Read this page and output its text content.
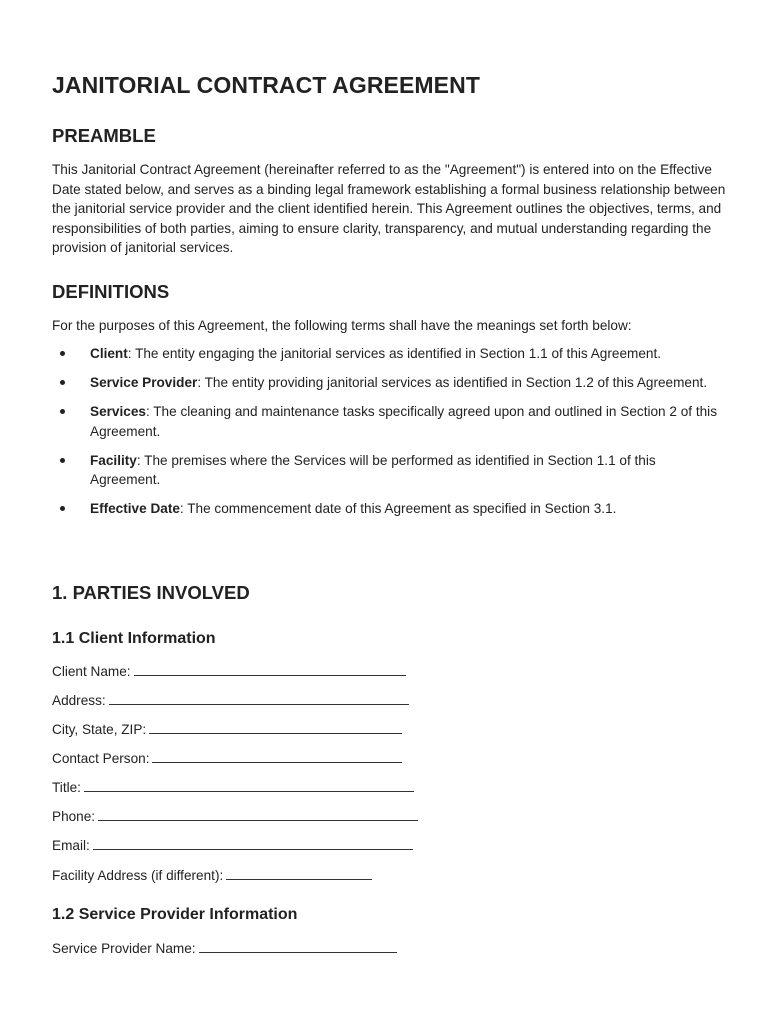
JANITORIAL CONTRACT AGREEMENT
PREAMBLE

This Janitorial Contract Agreement (hereinafter referred to as the "Agreement") is entered into on the Effective Date stated below, and serves as a binding legal framework establishing a formal business relationship between the janitorial service provider and the client identified herein. This Agreement outlines the objectives, terms, and responsibilities of both parties, aiming to ensure clarity, transparency, and mutual understanding regarding the provision of janitorial services.

DEFINITIONS

For the purposes of this Agreement, the following terms shall have the meanings set forth below:

Client: The entity engaging the janitorial services as identified in Section 1.1 of this Agreement.
Service Provider: The entity providing janitorial services as identified in Section 1.2 of this Agreement.
Services: The cleaning and maintenance tasks specifically agreed upon and outlined in Section 2 of this Agreement.
Facility: The premises where the Services will be performed as identified in Section 1.1 of this Agreement.
Effective Date: The commencement date of this Agreement as specified in Section 3.1.
1. PARTIES INVOLVED
1.1 Client Information
Client Name:
Address:
City, State, ZIP:
Contact Person:
Title:
Phone:
Email:
Facility Address (if different):
1.2 Service Provider Information
Service Provider Name:
